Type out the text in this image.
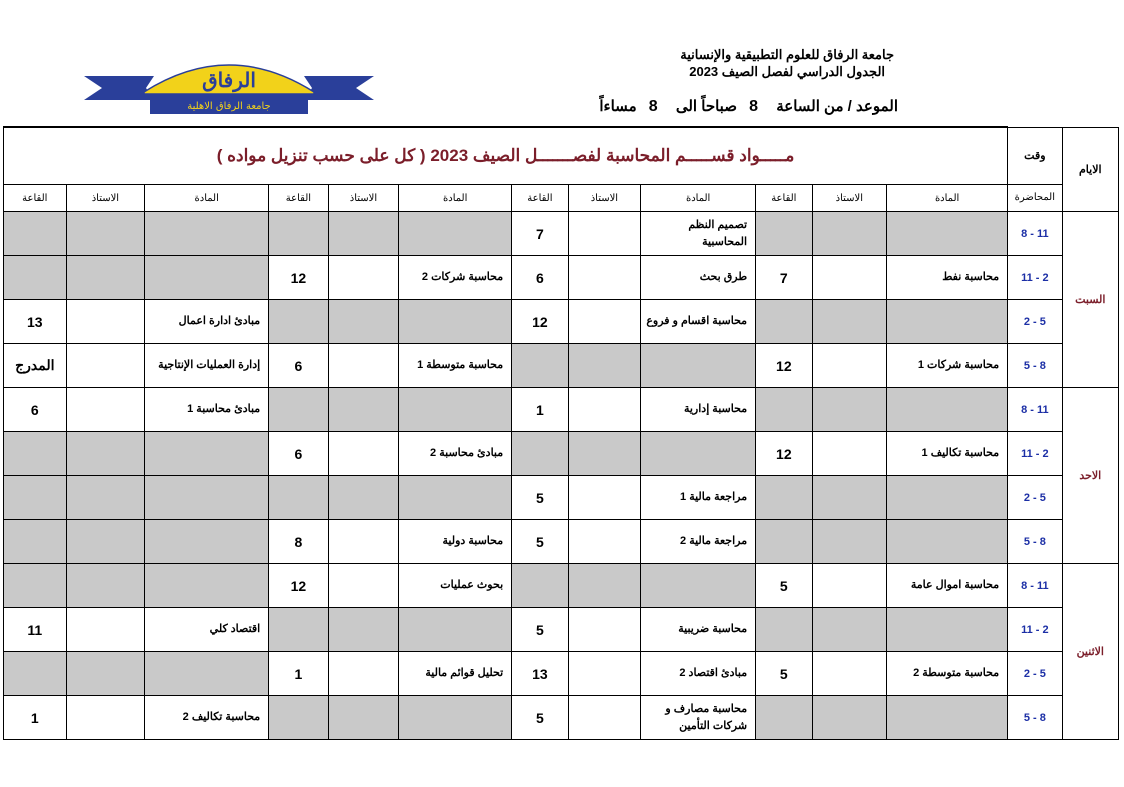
الرفاق
جامعة الرفاق الاهلية
جامعة الرفاق للعلوم التطبيقية والإنسانية
الجدول الدراسي لفصل الصيف 2023
الموعد / من الساعة 8 صباحاً الى 8 مساءاً
الايام	وقت	مـــــواد قســـــم المحاسبة لفصـــــــل الصيف 2023 ( كل على حسب تنزيل مواده )											
	المحاضرة	المادة	الاستاذ	القاعة	المادة	الاستاذ	القاعة	المادة	الاستاذ	القاعة	المادة	الاستاذ	القاعة
السبت	8 - 11				تصميم النظم المحاسبية		7						
	11 - 2	محاسبة نفط		7	طرق بحث		6	محاسبة شركات 2		12			
	2 - 5				محاسبة اقسام و فروع		12				مبادئ ادارة اعمال		13
	5 - 8	محاسبة شركات 1		12				محاسبة متوسطة 1		6	إدارة العمليات الإنتاجية		المدرج
الاحد	8 - 11				محاسبة إدارية		1				مبادئ محاسبة 1		6
	11 - 2	محاسبة تكاليف 1		12				مبادئ محاسبة 2		6			
	2 - 5				مراجعة مالية 1		5						
	5 - 8				مراجعة مالية 2		5	محاسبة دولية		8			
الاثنين	8 - 11	محاسبة اموال عامة		5				بحوث عمليات		12			
	11 - 2				محاسبة ضريبية		5				اقتصاد كلي		11
	2 - 5	محاسبة متوسطة 2		5	مبادئ اقتصاد 2		13	تحليل قوائم مالية		1			
	5 - 8				محاسبة مصارف و شركات التأمين		5				محاسبة تكاليف 2		1
